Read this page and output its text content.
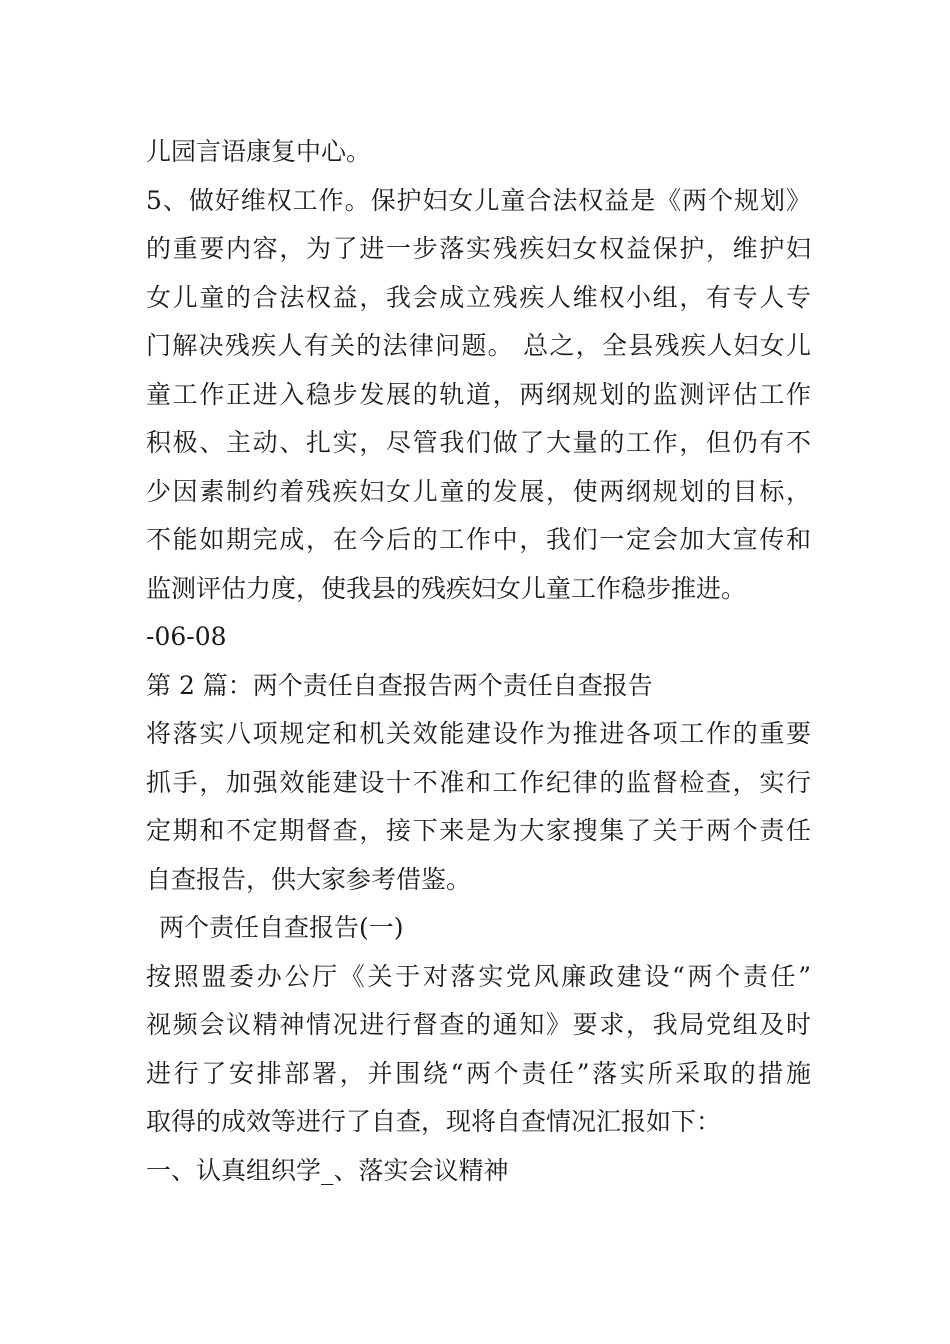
儿园言语康复中心。
5、做好维权工作。保护妇女儿童合法权益是《两个规划》
的重要内容，为了进一步落实残疾妇女权益保护，维护妇
女儿童的合法权益，我会成立残疾人维权小组，有专人专
门解决残疾人有关的法律问题。 总之，全县残疾人妇女儿
童工作正进入稳步发展的轨道，两纲规划的监测评估工作
积极、主动、扎实，尽管我们做了大量的工作，但仍有不
少因素制约着残疾妇女儿童的发展，使两纲规划的目标，
不能如期完成，在今后的工作中，我们一定会加大宣传和
监测评估力度，使我县的残疾妇女儿童工作稳步推进。
-06-08
第 2 篇：两个责任自查报告两个责任自查报告
将落实八项规定和机关效能建设作为推进各项工作的重要
抓手，加强效能建设十不准和工作纪律的监督检查，实行
定期和不定期督查，接下来是为大家搜集了关于两个责任
自查报告，供大家参考借鉴。
两个责任自查报告(一)
按照盟委办公厅《关于对落实党风廉政建设“两个责任”
视频会议精神情况进行督查的通知》要求，我局党组及时
进行了安排部署，并围绕“两个责任”落实所采取的措施
取得的成效等进行了自查，现将自查情况汇报如下：
一、认真组织学_、落实会议精神
